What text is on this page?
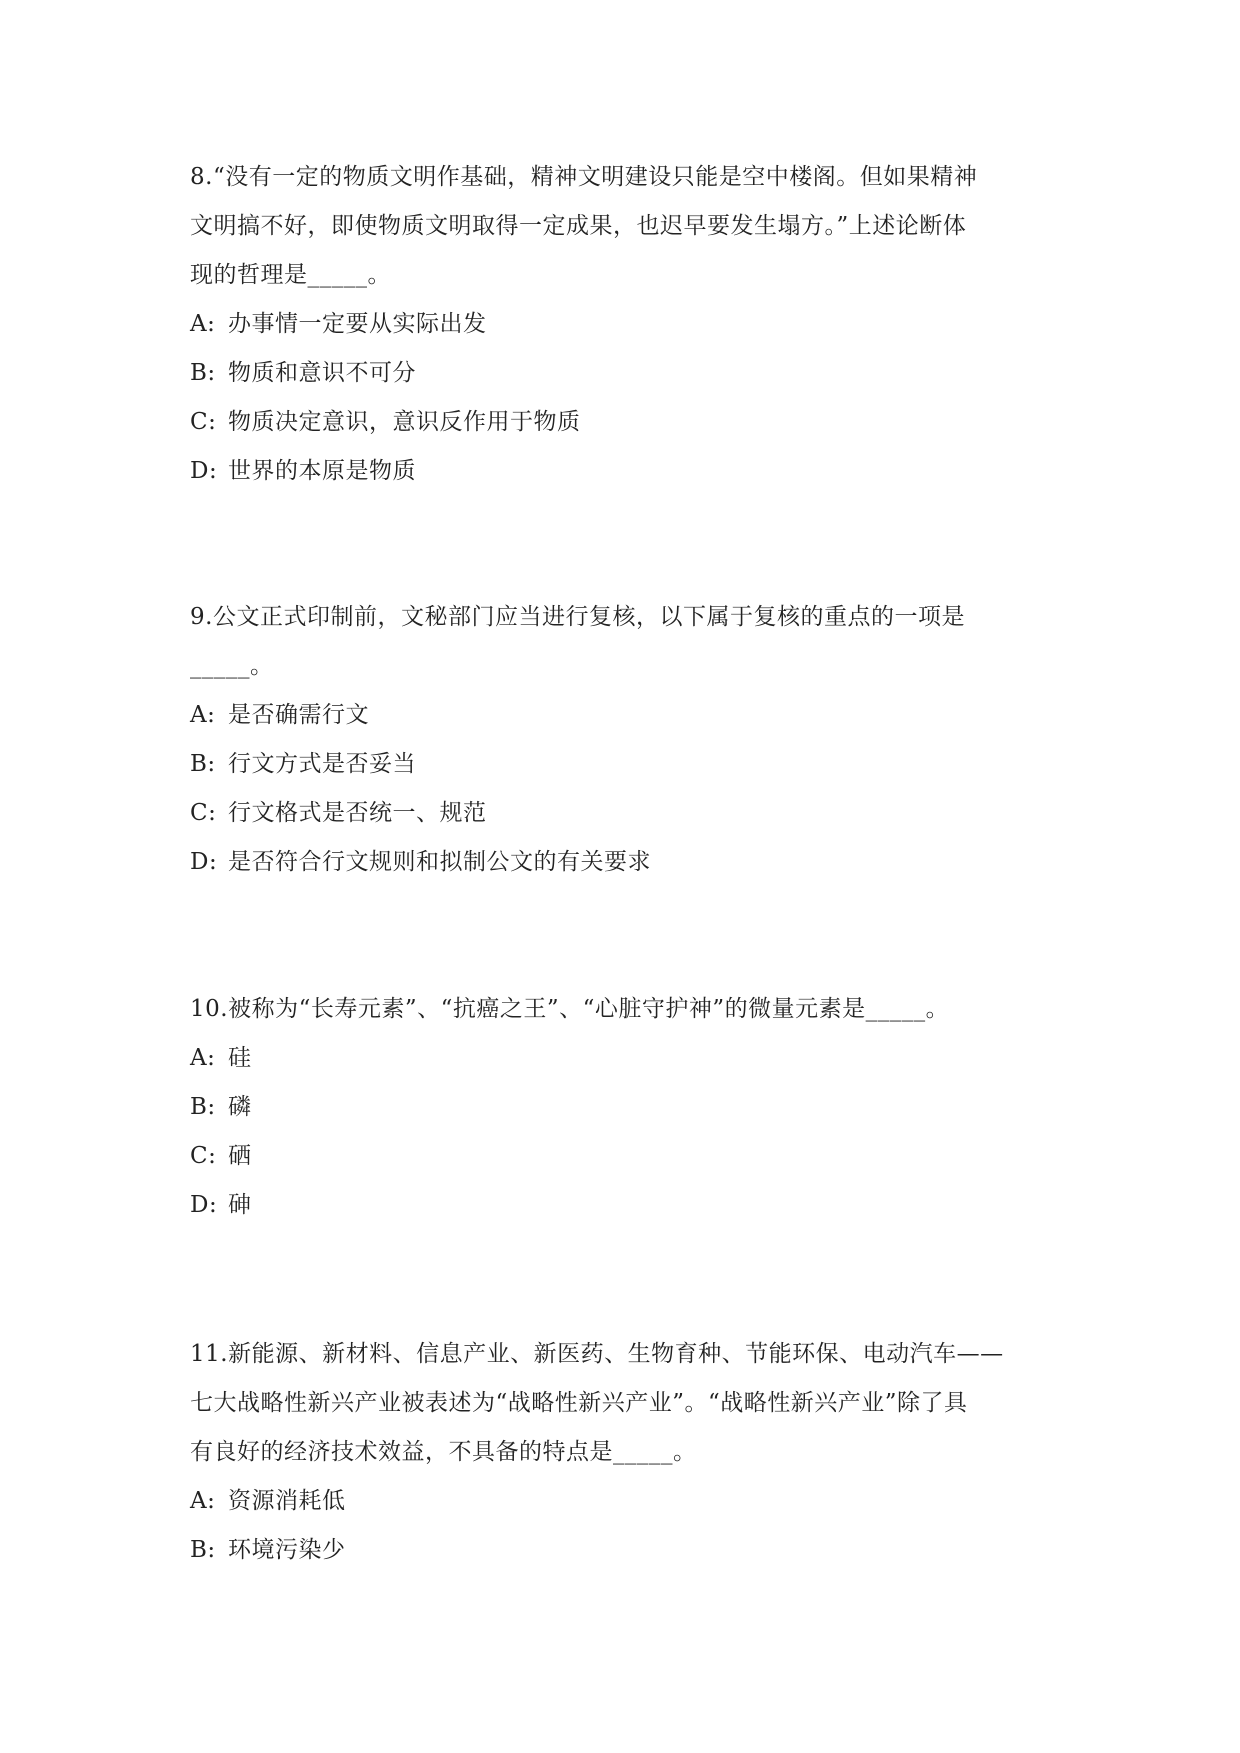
8.“没有一定的物质文明作基础，精神文明建设只能是空中楼阁。但如果精神

文明搞不好，即使物质文明取得一定成果，也迟早要发生塌方。”上述论断体

现的哲理是_____。

A: 办事情一定要从实际出发

B: 物质和意识不可分

C: 物质决定意识，意识反作用于物质

D: 世界的本原是物质

9.公文正式印制前，文秘部门应当进行复核，以下属于复核的重点的一项是

_____。

A: 是否确需行文

B: 行文方式是否妥当

C: 行文格式是否统一、规范

D: 是否符合行文规则和拟制公文的有关要求

10.被称为“长寿元素”、“抗癌之王”、“心脏守护神”的微量元素是_____。

A: 硅

B: 磷

C: 硒

D: 砷

11.新能源、新材料、信息产业、新医药、生物育种、节能环保、电动汽车——

七大战略性新兴产业被表述为“战略性新兴产业”。“战略性新兴产业”除了具

有良好的经济技术效益，不具备的特点是_____。

A: 资源消耗低

B: 环境污染少
